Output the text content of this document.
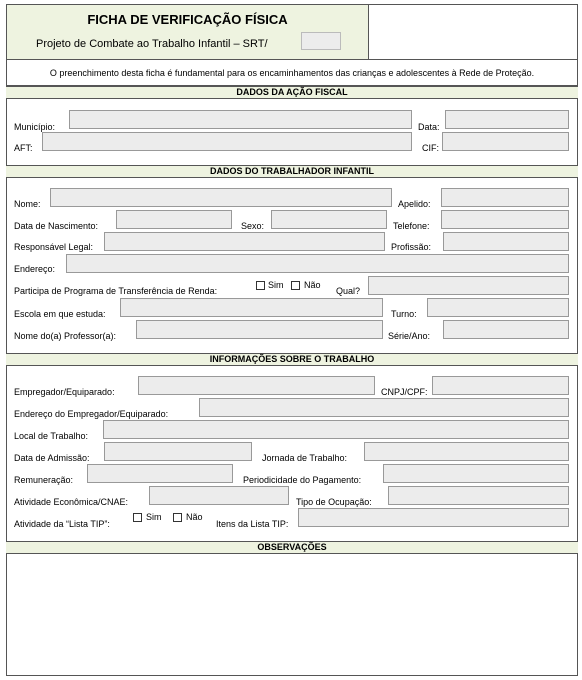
FICHA DE VERIFICAÇÃO FÍSICA
Projeto de Combate ao Trabalho Infantil – SRT/
O preenchimento desta ficha é fundamental para os encaminhamentos das crianças e adolescentes à Rede de Proteção.
DADOS DA AÇÃO FISCAL
Município:	Data:
AFT:	CIF:
DADOS DO TRABALHADOR INFANTIL
Nome:	Apelido:
Data de Nascimento:	Sexo:	Telefone:
Responsável Legal:	Profissão:
Endereço:
Participa de Programa de Transferência de Renda:
Sim Não
Qual?
Escola em que estuda:	Turno:
Nome do(a) Professor(a):	Série/Ano:
INFORMAÇÕES SOBRE O TRABALHO
Empregador/Equiparado:	CNPJ/CPF:
Endereço do Empregador/Equiparado:
Local de Trabalho:
Data de Admissão:	Jornada de Trabalho:
Remuneração:	Periodicidade do Pagamento:
Atividade Econômica/CNAE:	Tipo de Ocupação:
Atividade da “Lista TIP”:
Sim	Não
Itens da Lista TIP:
OBSERVAÇÕES
